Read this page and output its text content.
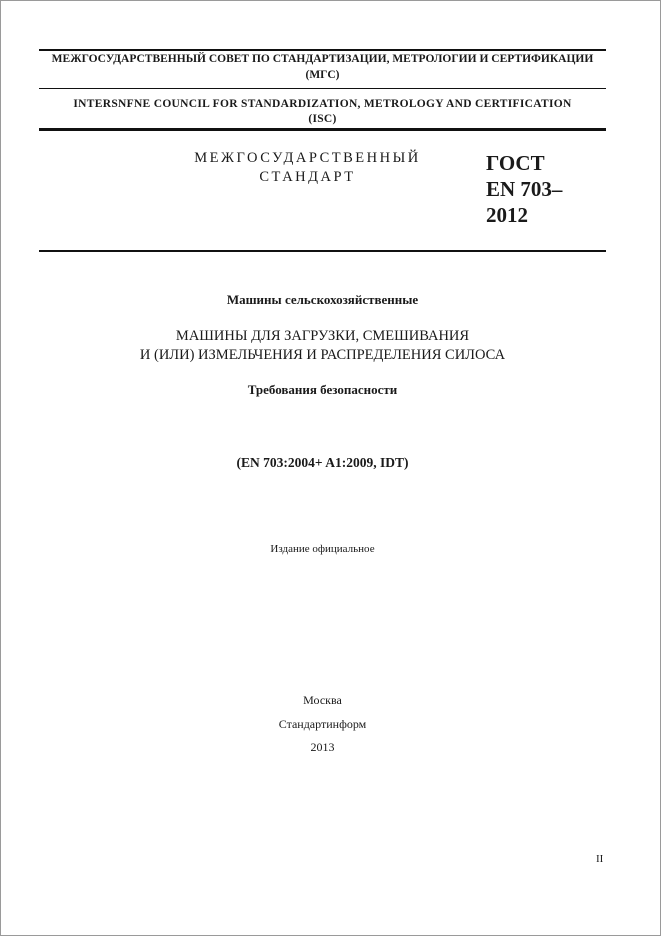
МЕЖГОСУДАРСТВЕННЫЙ СОВЕТ ПО СТАНДАРТИЗАЦИИ, МЕТРОЛОГИИ И СЕРТИФИКАЦИИ
(МГС)
INTERSNFNE COUNCIL FOR STANDARDIZATION, METROLOGY AND CERTIFICATION
(ISC)
МЕЖГОСУДАРСТВЕННЫЙ
СТАНДАРТ
ГОСТ
EN 703–
2012
Машины сельскохозяйственные
МАШИНЫ ДЛЯ ЗАГРУЗКИ, СМЕШИВАНИЯ
И (ИЛИ) ИЗМЕЛЬЧЕНИЯ И РАСПРЕДЕЛЕНИЯ СИЛОСА
Требования безопасности
(EN 703:2004+ A1:2009, IDT)
Издание официальное
Москва
Стандартинформ
2013
II
